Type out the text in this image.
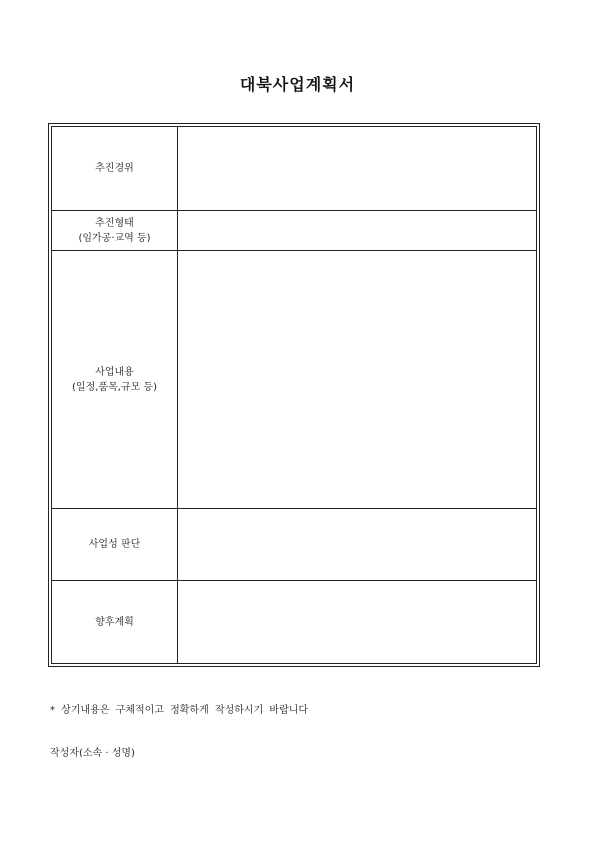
대북사업계획서
추진경위
추진형태
(임가공·교역 등)
사업내용
(일정,품목,규모 등)
사업성 판단
향후계획
* 상기내용은 구체적이고 정확하게 작성하시기 바랍니다
작성자(소속 · 성명)
